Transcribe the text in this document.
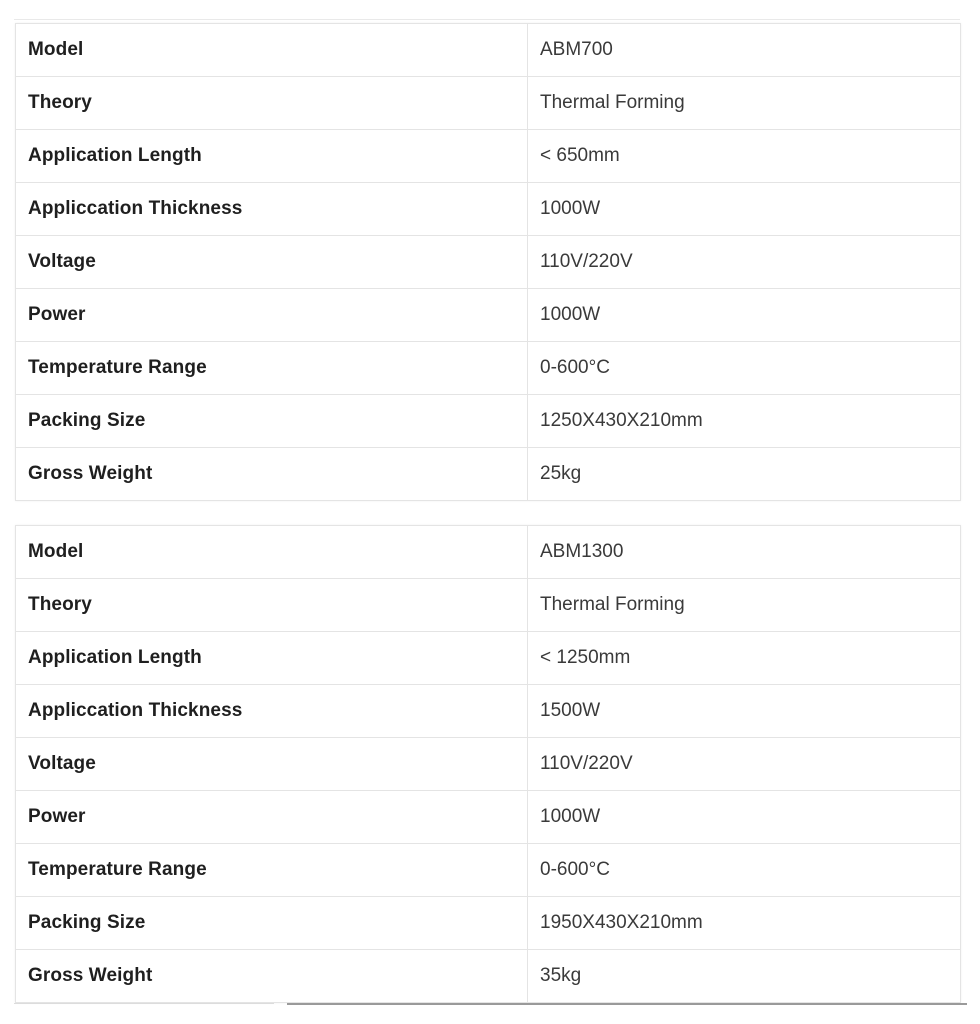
Model	ABM700
Theory	Thermal Forming
Application Length	< 650mm
Appliccation Thickness	1000W
Voltage	110V/220V
Power	1000W
Temperature Range	0-600°C
Packing Size	1250X430X210mm
Gross Weight	25kg
Model	ABM1300
Theory	Thermal Forming
Application Length	< 1250mm
Appliccation Thickness	1500W
Voltage	110V/220V
Power	1000W
Temperature Range	0-600°C
Packing Size	1950X430X210mm
Gross Weight	35kg
